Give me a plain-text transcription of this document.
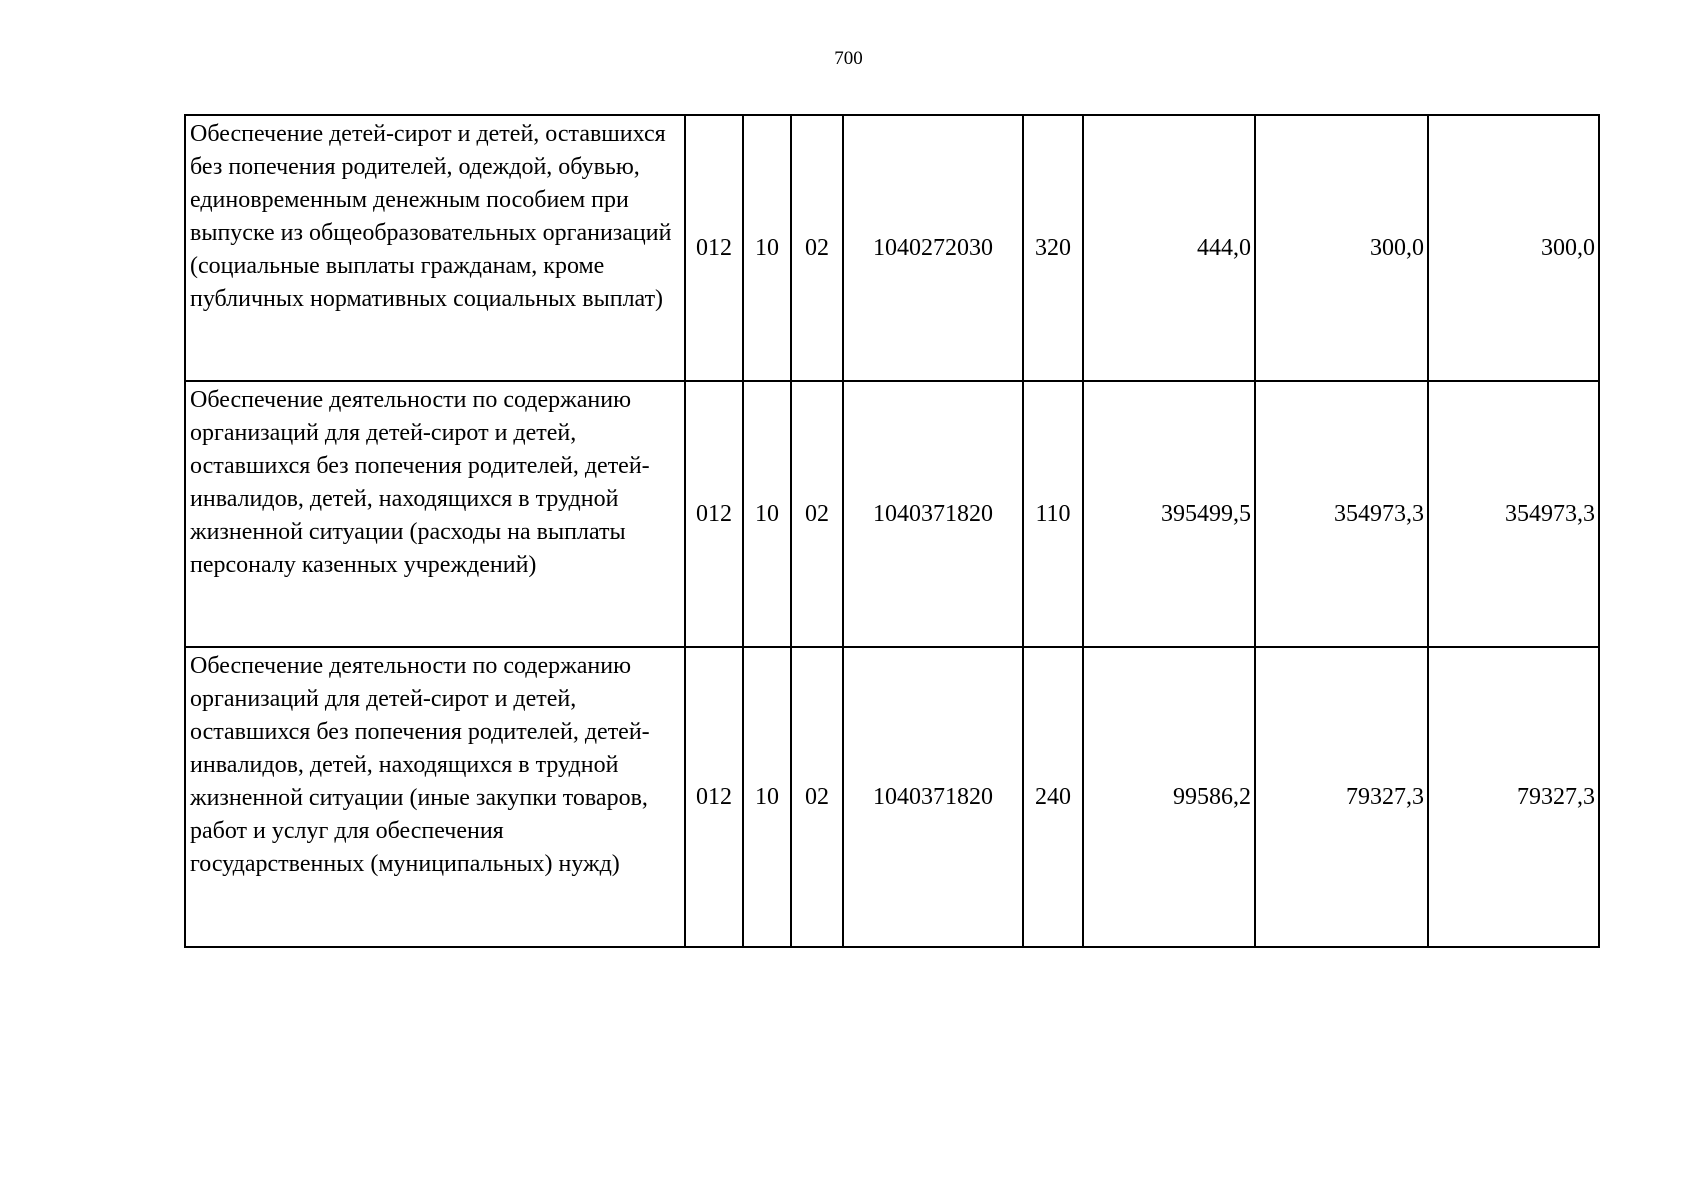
700
Обеспечение детей-сирот и детей, оставшихся без попечения родителей, одеждой, обувью, единовременным денежным пособием при выпуске из общеобразовательных организаций (социальные выплаты гражданам, кроме публичных нормативных социальных выплат)	012	10	02	1040272030	320	444,0	300,0	300,0
Обеспечение деятельности по содержанию организаций для детей-сирот и детей, оставшихся без попечения родителей, детей-инвалидов, детей, находящихся в трудной жизненной ситуации (расходы на выплаты персоналу казенных учреждений)	012	10	02	1040371820	110	395499,5	354973,3	354973,3
Обеспечение деятельности по содержанию организаций для детей-сирот и детей, оставшихся без попечения родителей, детей-инвалидов, детей, находящихся в трудной жизненной ситуации (иные закупки товаров, работ и услуг для обеспечения государственных (муниципальных) нужд)	012	10	02	1040371820	240	99586,2	79327,3	79327,3
